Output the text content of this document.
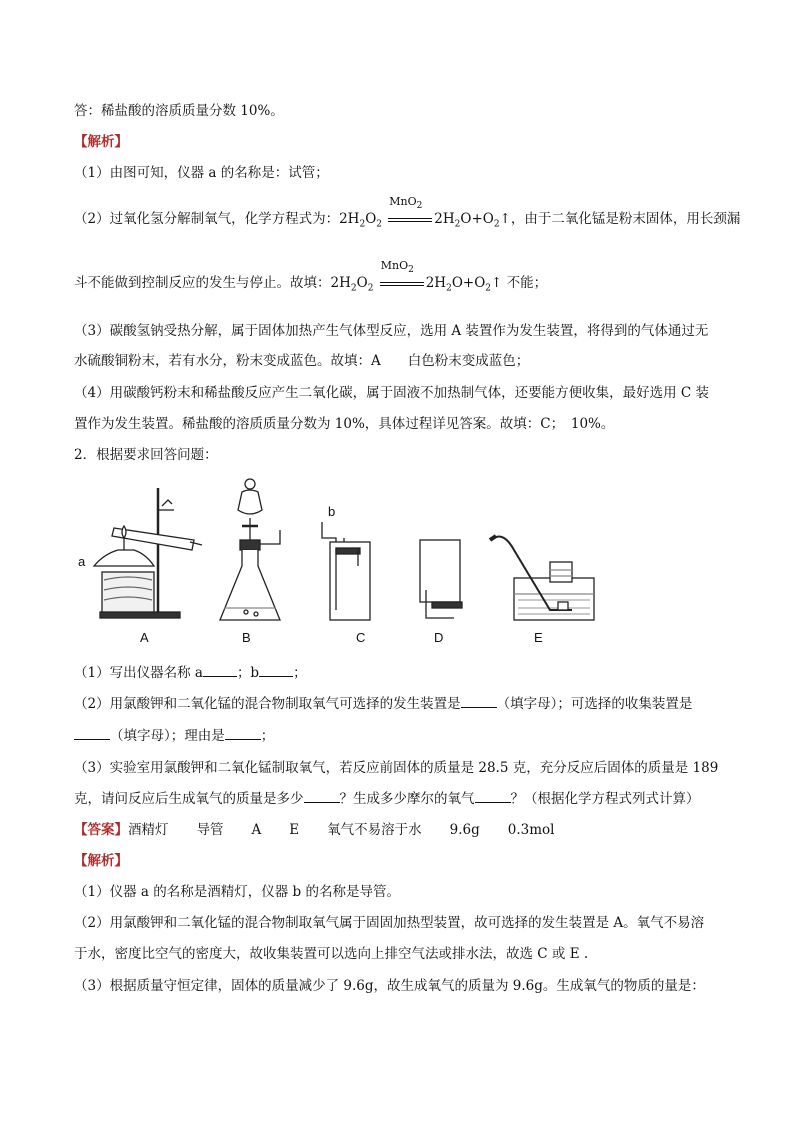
答：稀盐酸的溶质质量分数 10%。
【解析】
（1）由图可知，仪器 a 的名称是：试管；
（2）过氧化氢分解制氧气，化学方程式为：$2H_2O_2$
MnO$_2$
$2H_2O+O_2↑$，由于二氧化锰是粉末固体，用长颈漏
斗不能做到控制反应的发生与停止。故填：$2H_2O_2$
MnO$_2$
$2H_2O+O_2↑$ 不能；
（3）碳酸氢钠受热分解，属于固体加热产生气体型反应，选用 A 装置作为发生装置，将得到的气体通过无
水硫酸铜粉末，若有水分，粉末变成蓝色。故填：A　　白色粉末变成蓝色；
（4）用碳酸钙粉末和稀盐酸反应产生二氧化碳，属于固液不加热制气体，还要能方便收集，最好选用 C 装
置作为发生装置。稀盐酸的溶质质量分数为 10%，具体过程详见答案。故填：C；　10%。
2．根据要求回答问题：
a
b
A	B	C	D	E
（1）写出仪器名称 a	；b	；
（2）用氯酸钾和二氧化锰的混合物制取氧气可选择的发生装置是	（填字母）；可选择的收集装置是
（填字母）；理由是	；
（3）实验室用氯酸钾和二氧化锰制取氧气，若反应前固体的质量是 28.5 克，充分反应后固体的质量是 189
克，请问反应后生成氧气的质量是多少	？生成多少摩尔的氧气	？（根据化学方程式列式计算）
【答案】酒精灯 导管 A E 氧气不易溶于水 9.6g 0.3mol
【解析】
（1）仪器 a 的名称是酒精灯，仪器 b 的名称是导管。
（2）用氯酸钾和二氧化锰的混合物制取氧气属于固固加热型装置，故可选择的发生装置是 A。氧气不易溶
于水，密度比空气的密度大，故收集装置可以选向上排空气法或排水法，故选 C 或 E .
（3）根据质量守恒定律，固体的质量减少了 9.6g，故生成氧气的质量为 9.6g。生成氧气的物质的量是：
